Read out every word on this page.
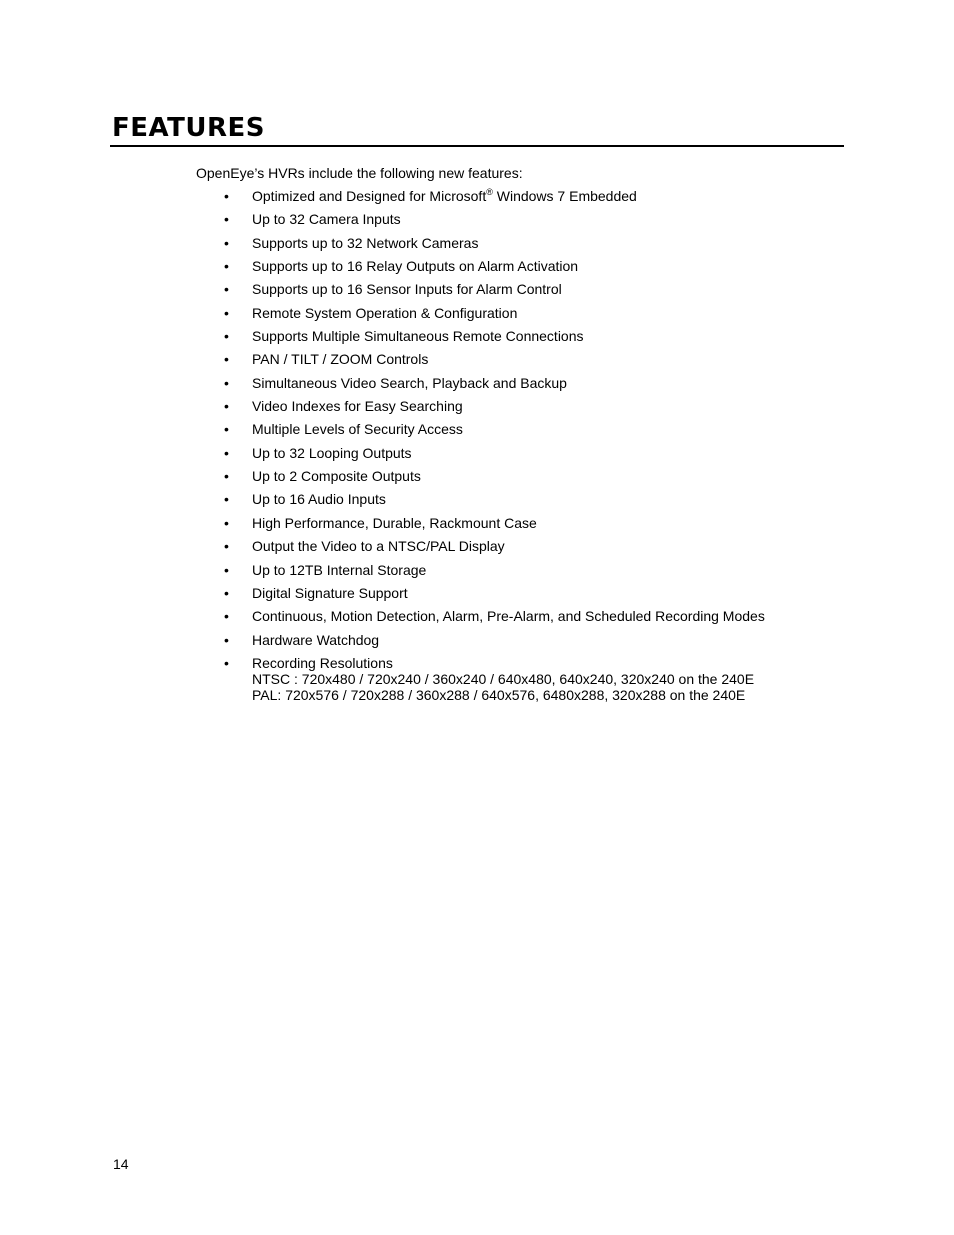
FEATURES

OpenEye’s HVRs include the following new features:

•	Optimized and Designed for Microsoft® Windows 7 Embedded
•	Up to 32 Camera Inputs
•	Supports up to 32 Network Cameras
•	Supports up to 16 Relay Outputs on Alarm Activation
•	Supports up to 16 Sensor Inputs for Alarm Control
•	Remote System Operation & Configuration
•	Supports Multiple Simultaneous Remote Connections
•	PAN / TILT / ZOOM Controls
•	Simultaneous Video Search, Playback and Backup
•	Video Indexes for Easy Searching
•	Multiple Levels of Security Access
•	Up to 32 Looping Outputs
•	Up to 2 Composite Outputs
•	Up to 16 Audio Inputs
•	High Performance, Durable, Rackmount Case
•	Output the Video to a NTSC/PAL Display
•	Up to 12TB Internal Storage
•	Digital Signature Support
•	Continuous, Motion Detection, Alarm, Pre-Alarm, and Scheduled Recording Modes
•	Hardware Watchdog
•	Recording Resolutions
NTSC : 720x480 / 720x240 / 360x240 / 640x480, 640x240, 320x240 on the 240E
PAL: 720x576 / 720x288 / 360x288 / 640x576, 6480x288, 320x288 on the 240E
14
